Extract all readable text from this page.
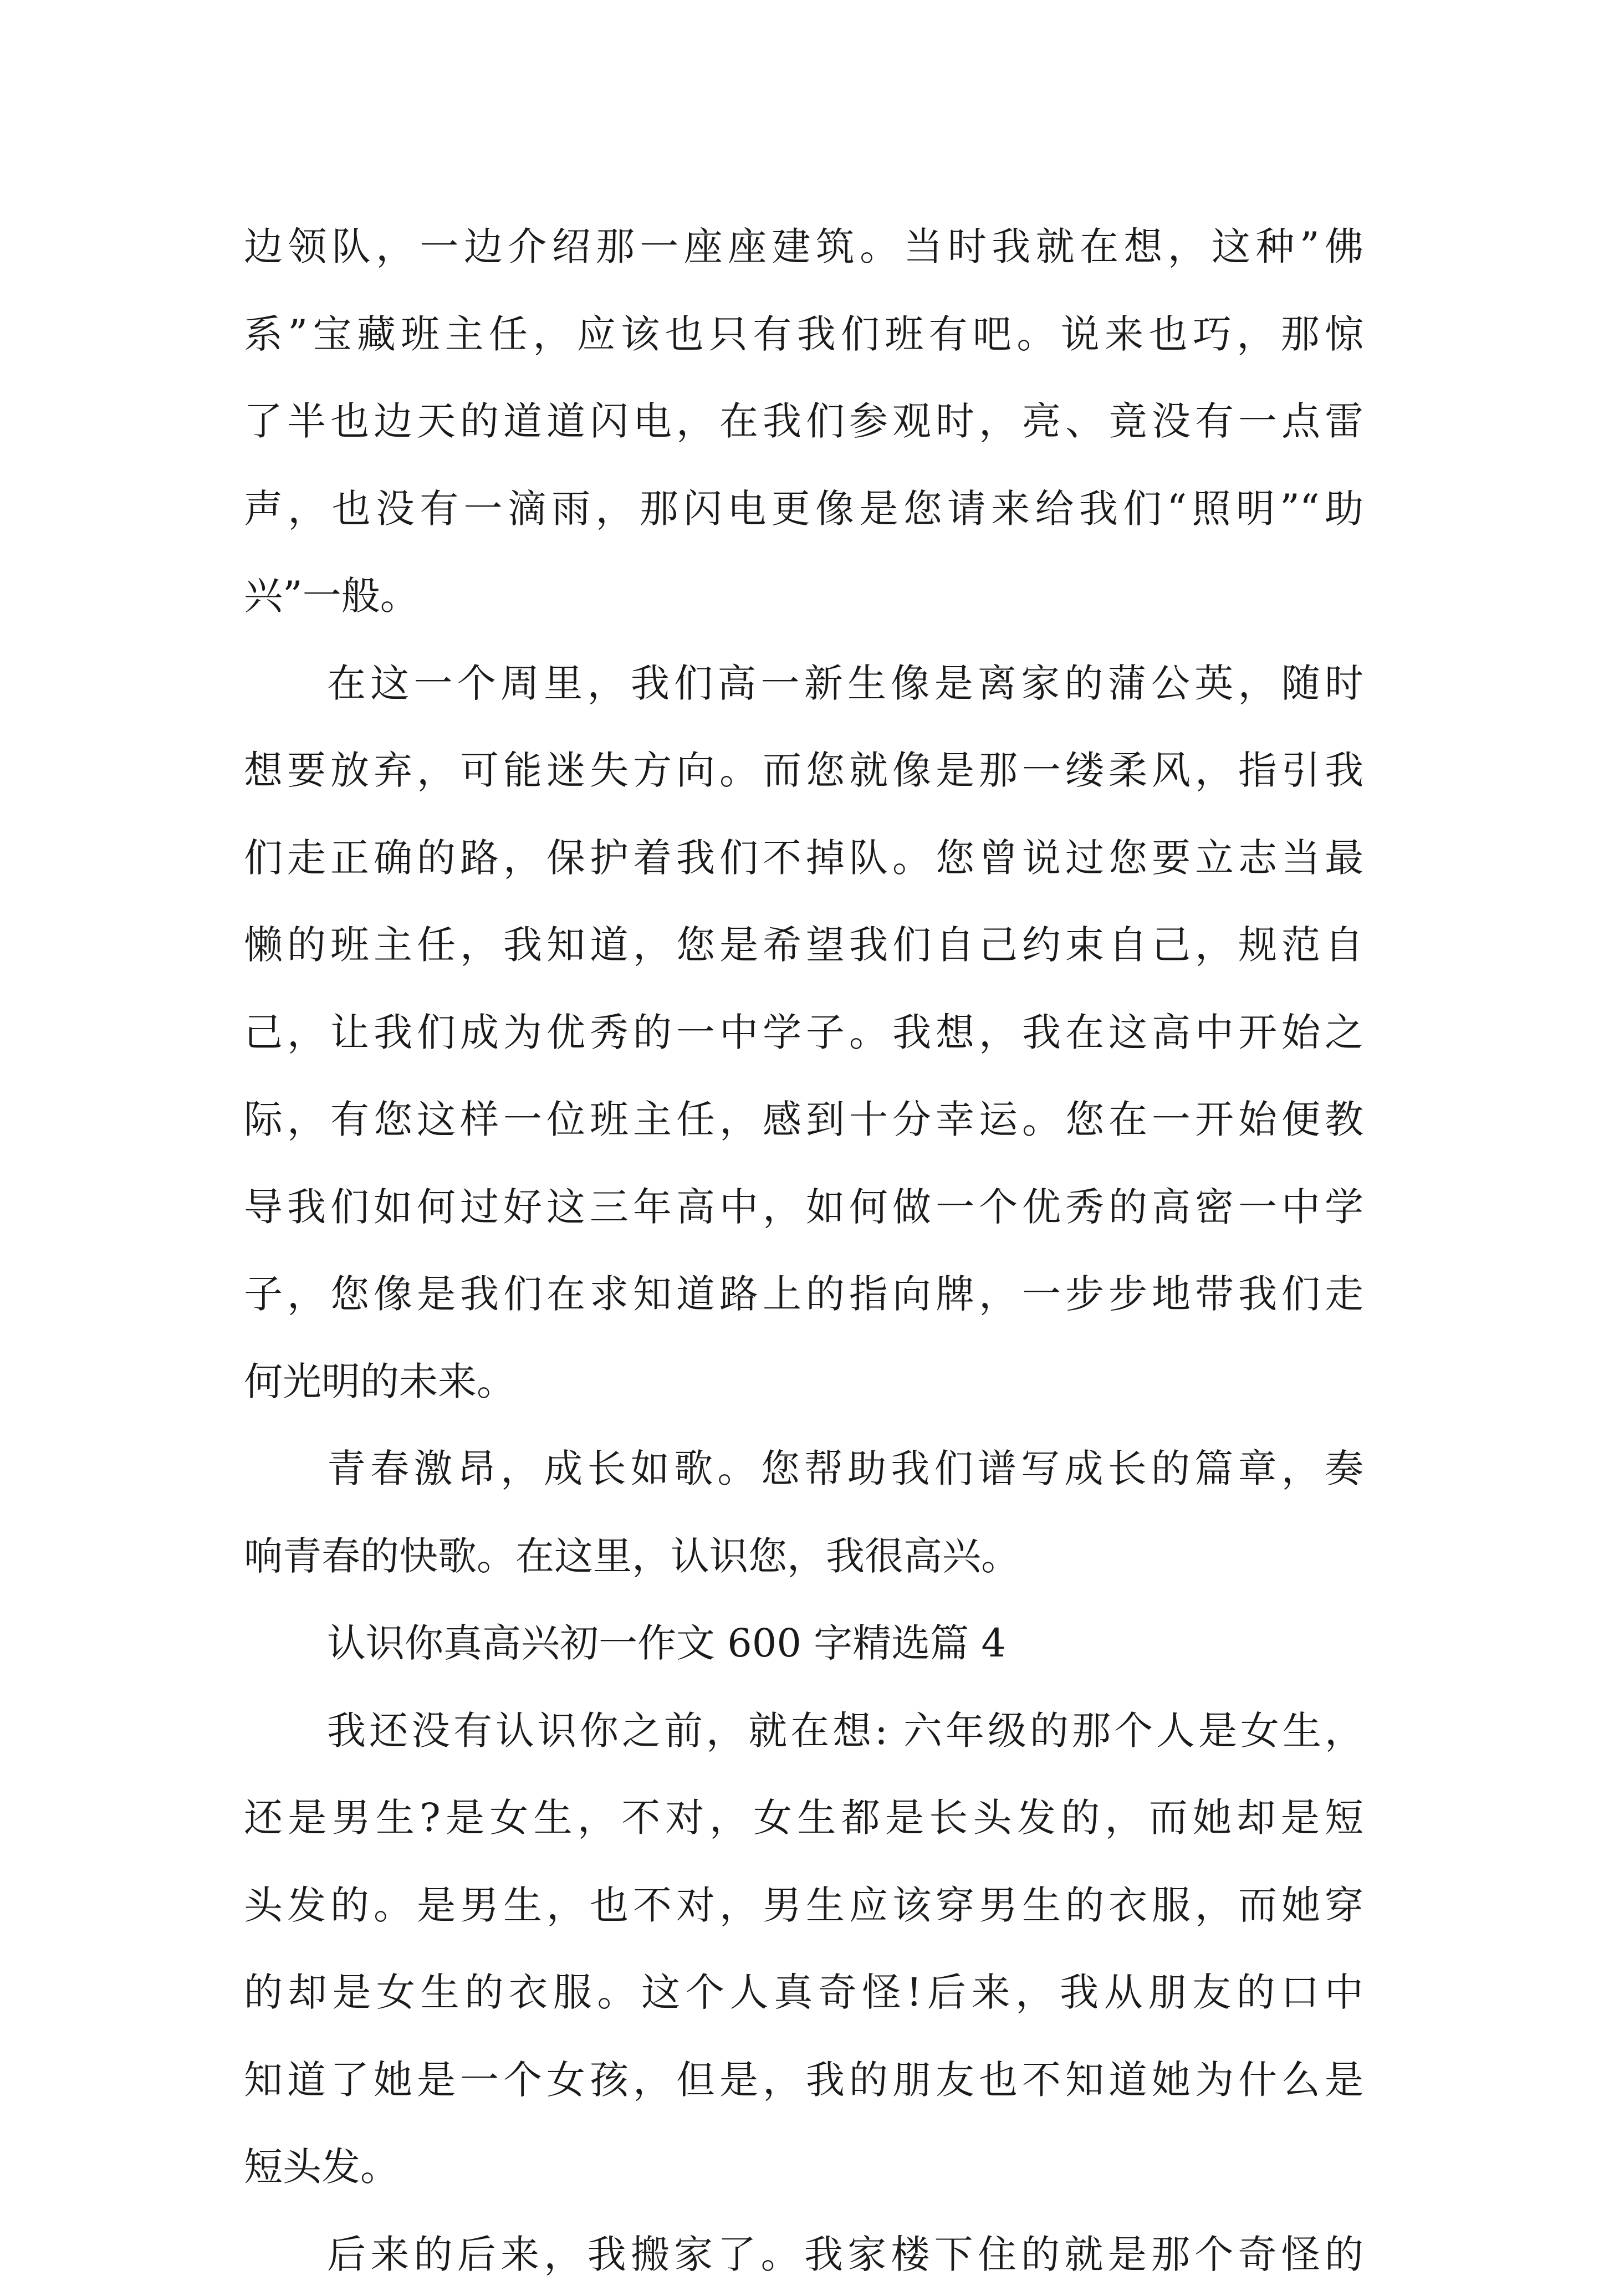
边领队，一边介绍那一座座建筑。当时我就在想，这种”佛
系”宝藏班主任，应该也只有我们班有吧。说来也巧，那惊
了半也边天的道道闪电，在我们参观时，亮、竟没有一点雷
声，也没有一滴雨，那闪电更像是您请来给我们“照明”“助
兴”一般。
在这一个周里，我们高一新生像是离家的蒲公英，随时
想要放弃，可能迷失方向。而您就像是那一缕柔风，指引我
们走正确的路，保护着我们不掉队。您曾说过您要立志当最
懒的班主任，我知道，您是希望我们自己约束自己，规范自
己，让我们成为优秀的一中学子。我想，我在这高中开始之
际，有您这样一位班主任，感到十分幸运。您在一开始便教
导我们如何过好这三年高中，如何做一个优秀的高密一中学
子，您像是我们在求知道路上的指向牌，一步步地带我们走
何光明的未来。
青春激昂，成长如歌。您帮助我们谱写成长的篇章，奏
响青春的快歌。在这里，认识您，我很高兴。
认识你真高兴初一作文 600 字精选篇 4
我还没有认识你之前，就在想: 六年级的那个人是女生，
还是男生?是女生，不对，女生都是长头发的，而她却是短
头发的。是男生，也不对，男生应该穿男生的衣服，而她穿
的却是女生的衣服。这个人真奇怪!后来，我从朋友的口中
知道了她是一个女孩，但是，我的朋友也不知道她为什么是
短头发。
后来的后来，我搬家了。我家楼下住的就是那个奇怪的
